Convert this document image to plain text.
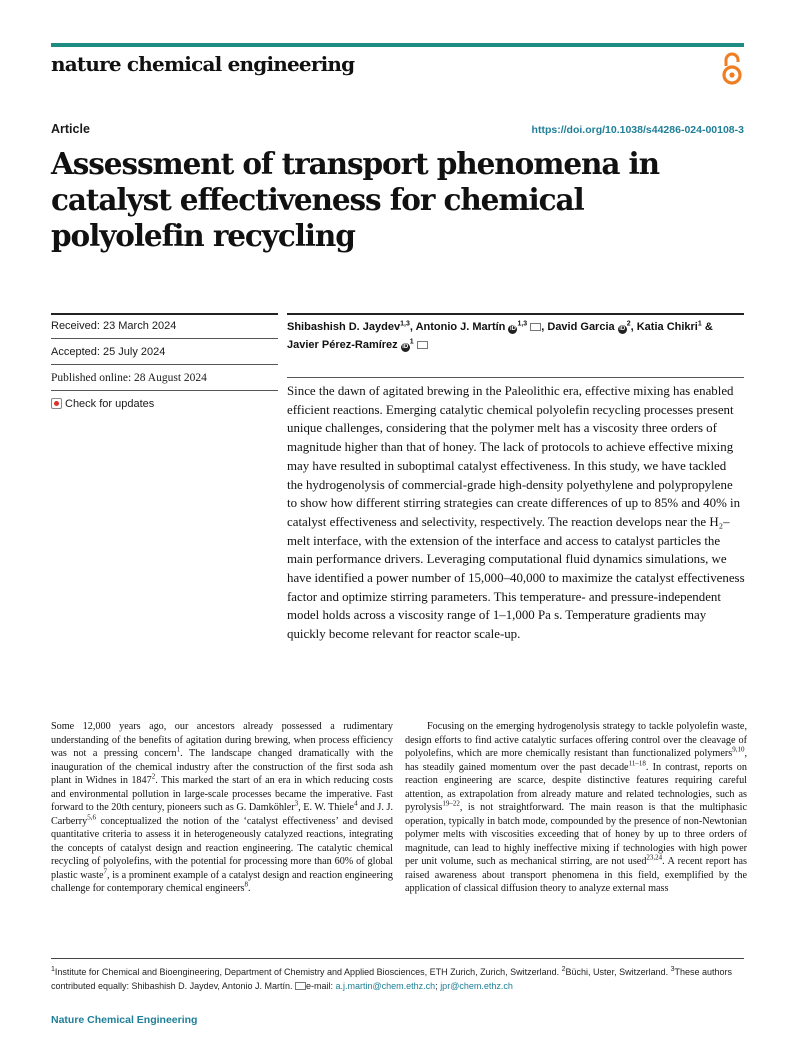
nature chemical engineering
Article	https://doi.org/10.1038/s44286-024-00108-3
Assessment of transport phenomena in catalyst effectiveness for chemical polyolefin recycling
Received: 23 March 2024
Accepted: 25 July 2024
Published online: 28 August 2024
Check for updates
Shibashish D. Jaydev$^{1,3}$, Antonio J. Martín iD$^{1,3}$ , David Garcia $iD^2$, Katia Chikri$^1$ &
Javier Pérez-Ramírez $iD^1$
Since the dawn of agitated brewing in the Paleolithic era, effective mixing has enabled efficient reactions. Emerging catalytic chemical polyolefin recycling processes present unique challenges, considering that the polymer melt has a viscosity three orders of magnitude higher than that of honey. The lack of protocols to achieve effective mixing may have resulted in suboptimal catalyst effectiveness. In this study, we have tackled the hydrogenolysis of commercial-grade high-density polyethylene and polypropylene to show how different stirring strategies can create differences of up to 85% and 40% in catalyst effectiveness and selectivity, respectively. The reaction develops near the H₂–melt interface, with the extension of the interface and access to catalyst particles the main performance drivers. Leveraging computational fluid dynamics simulations, we have identified a power number of 15,000–40,000 to maximize the catalyst effectiveness factor and optimize stirring parameters. This temperature- and pressure-independent model holds across a viscosity range of 1–1,000 Pa s. Temperature gradients may quickly become relevant for reactor scale-up.

Some 12,000 years ago, our ancestors already possessed a rudimentary understanding of the benefits of agitation during brewing, when process efficiency was not a pressing concern$^1$. The landscape changed dramatically with the inauguration of the chemical industry after the construction of the first soda ash plant in Widnes in 1847$^2$. This marked the start of an era in which reducing costs and environmental pollution in large-scale processes became the imperative. Fast forward to the 20th century, pioneers such as G. Damköhler$^3$, E. W. Thiele$^4$ and J. J. Carberry$^{5,6}$ conceptualized the notion of the ‘catalyst effectiveness’ and devised quantitative criteria to assess it in heterogeneously catalyzed reactions, integrating the concepts of catalyst design and reaction engineering. The catalytic chemical recycling of polyolefins, with the potential for processing more than 60% of global plastic waste$^7$, is a prominent example of a catalyst design and reaction engineering challenge for contemporary chemical engineers$^8$.

Focusing on the emerging hydrogenolysis strategy to tackle polyolefin waste, design efforts to find active catalytic surfaces offering control over the cleavage of polyolefins, which are more chemically resistant than functionalized polymers$^{9,10}$, has steadily gained momentum over the past decade$^{11-18}$. In contrast, reports on reaction engineering are scarce, despite distinctive features requiring careful attention, as extrapolation from already mature and related technologies, such as pyrolysis$^{19-22}$, is not straightforward. The main reason is that the multiphasic operation, typically in batch mode, compounded by the presence of non-Newtonian polymer melts with viscosities exceeding that of honey by up to three orders of magnitude, can lead to highly ineffective mixing if technologies with high power per unit volume, such as mechanical stirring, are not used$^{23,24}$. A recent report has raised awareness about transport phenomena in this field, exemplified by the application of classical diffusion theory to analyze external mass

$^1$Institute for Chemical and Bioengineering, Department of Chemistry and Applied Biosciences, ETH Zurich, Zurich, Switzerland. $^2$Büchi, Uster, Switzerland. $^3$These authors contributed equally: Shibashish D. Jaydev, Antonio J. Martín. e-mail: a.j.martin@chem.ethz.ch; jpr@chem.ethz.ch
Nature Chemical Engineering
